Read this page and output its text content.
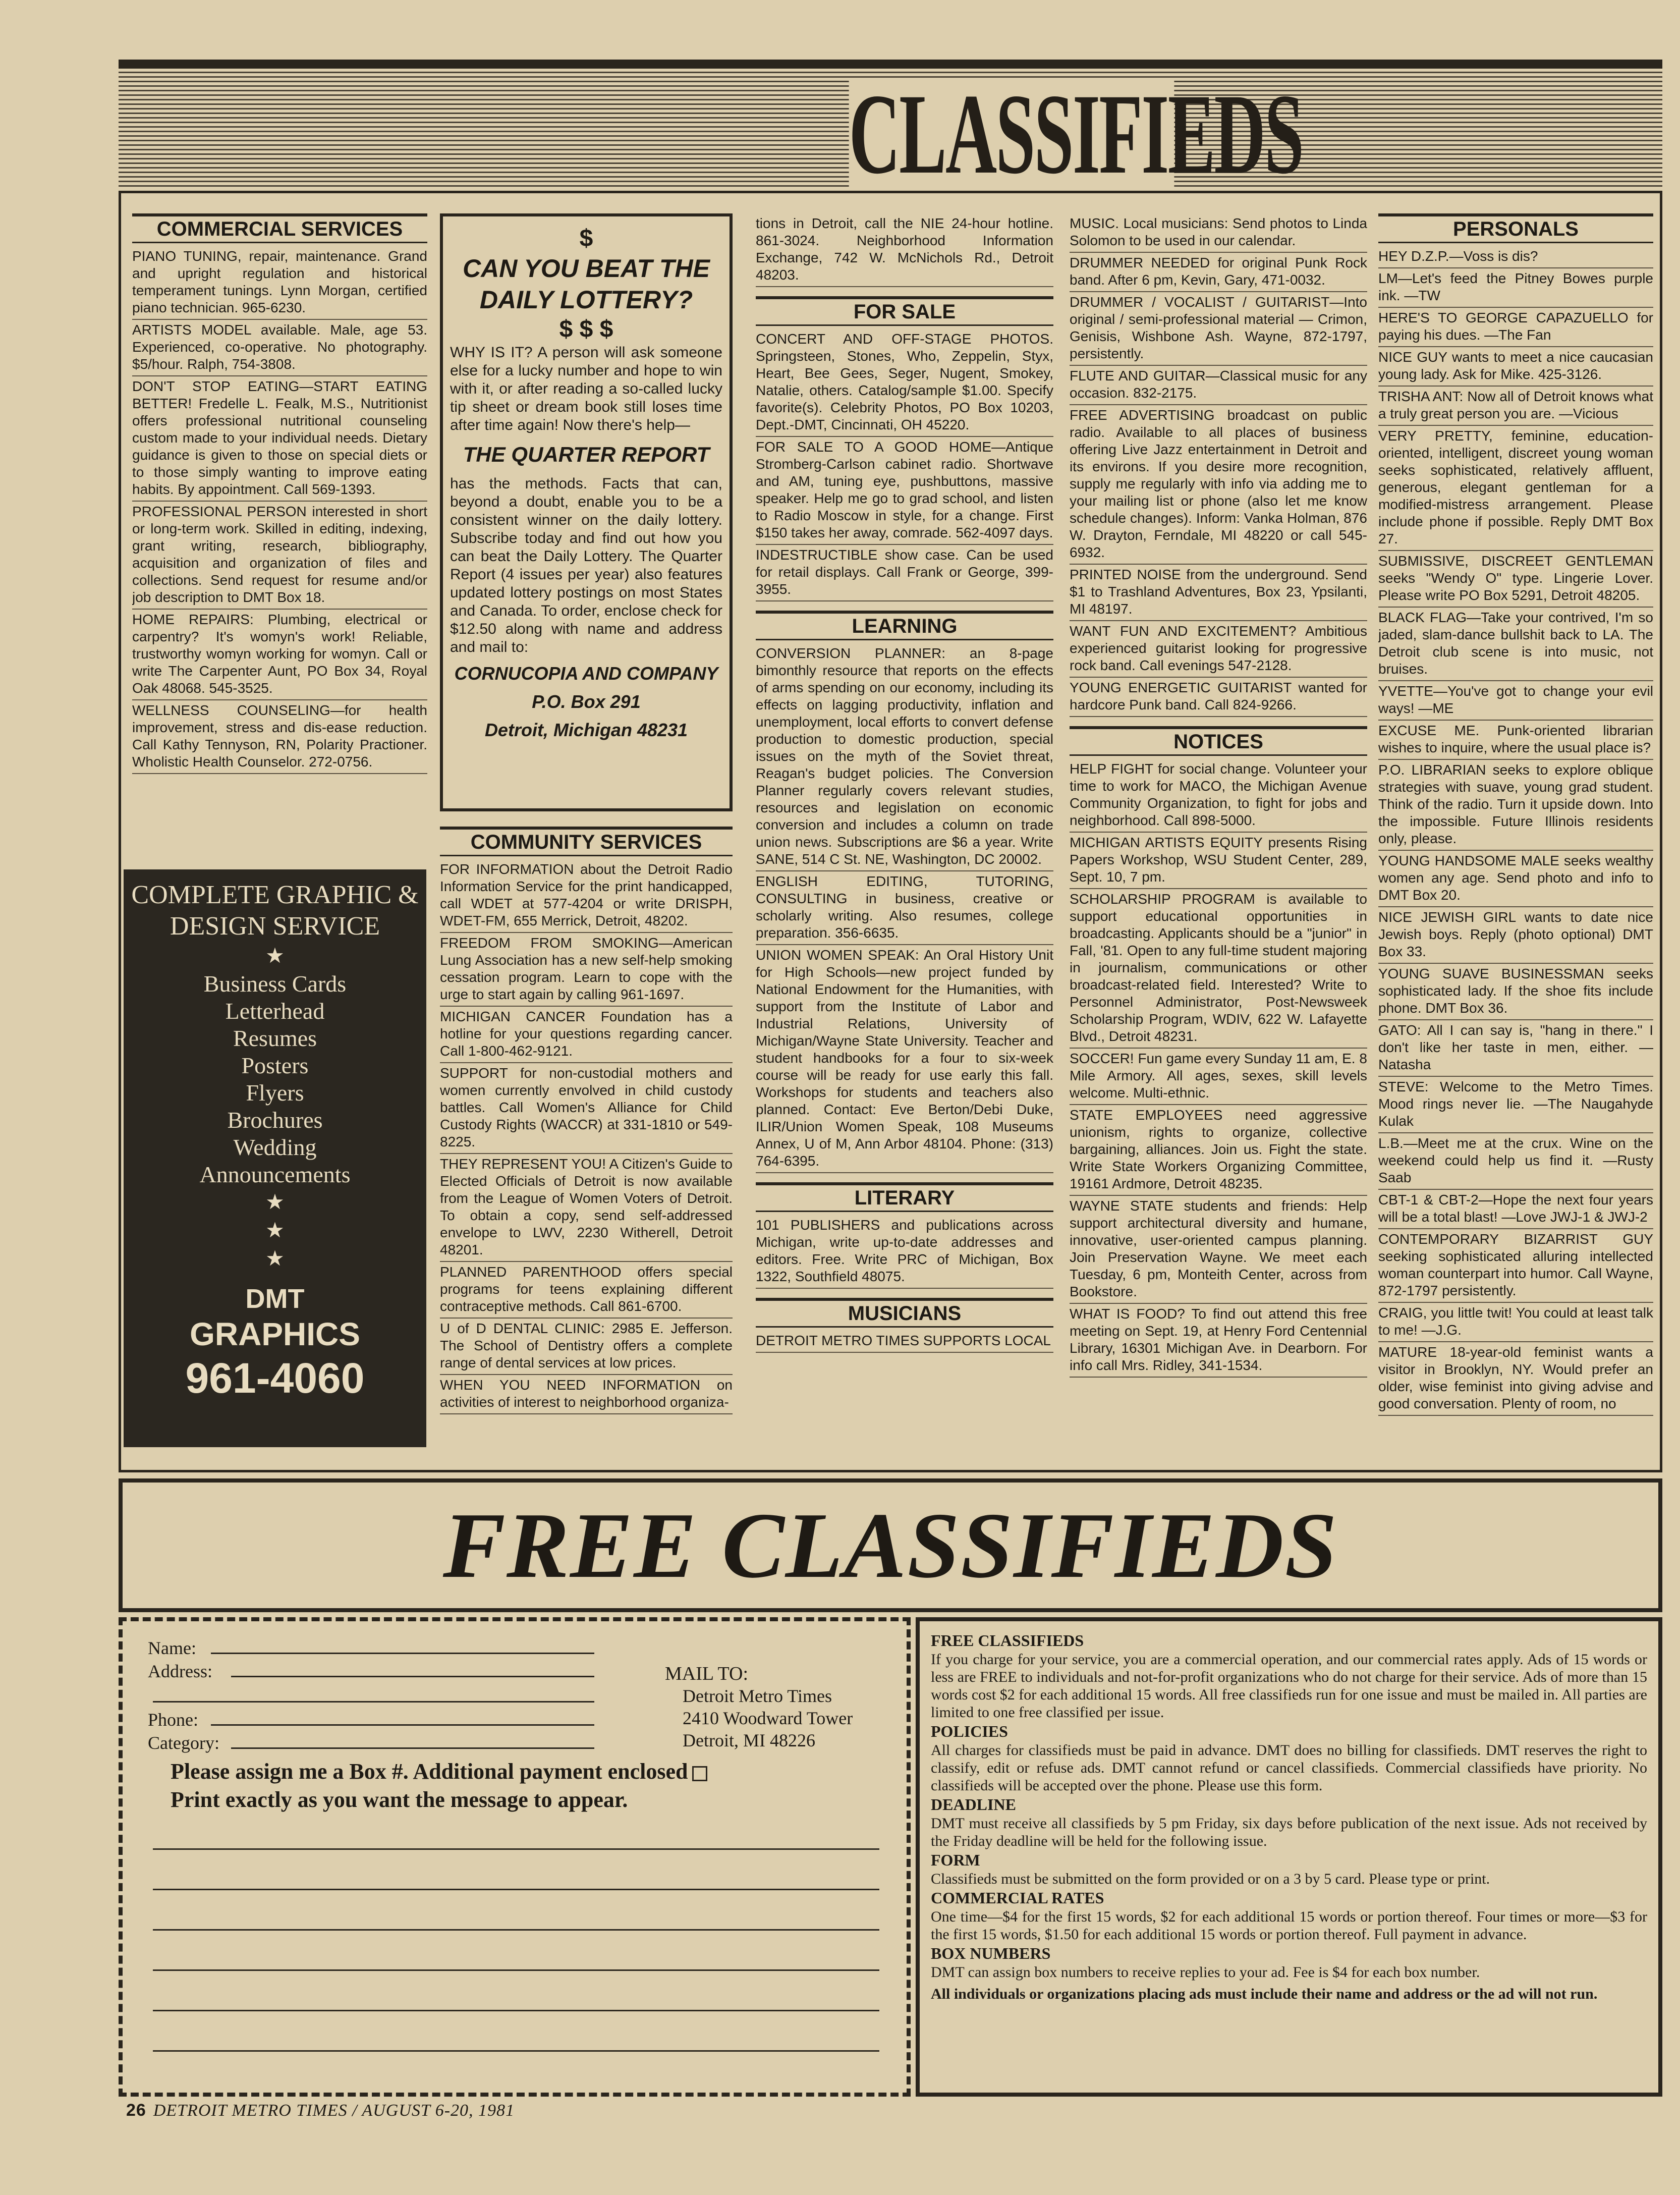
CLASSIFIEDS
COMMERCIAL SERVICES
PIANO TUNING, repair, maintenance. Grand and upright regulation and historical temperament tunings. Lynn Morgan, certified piano technician. 965-6230.
ARTISTS MODEL available. Male, age 53. Experienced, co-operative. No photography. $5/hour. Ralph, 754-3808.
DON'T STOP EATING—START EATING BETTER! Fredelle L. Fealk, M.S., Nutritionist offers professional nutritional counseling custom made to your individual needs. Dietary guidance is given to those on special diets or to those simply wanting to improve eating habits. By appointment. Call 569-1393.
PROFESSIONAL PERSON interested in short or long-term work. Skilled in editing, indexing, grant writing, research, bibliography, acquisition and organization of files and collections. Send request for resume and/or job description to DMT Box 18.
HOME REPAIRS: Plumbing, electrical or carpentry? It's womyn's work! Reliable, trustworthy womyn working for womyn. Call or write The Carpenter Aunt, PO Box 34, Royal Oak 48068. 545-3525.
WELLNESS COUNSELING—for health improvement, stress and dis-ease reduction. Call Kathy Tennyson, RN, Polarity Practioner. Wholistic Health Counselor. 272-0756.
COMPLETE GRAPHIC & DESIGN SERVICE
★
Business Cards
Letterhead
Resumes
Posters
Flyers
Brochures
Wedding
Announcements
★
★
★
DMT
GRAPHICS
961-4060
$
CAN YOU BEAT THE DAILY LOTTERY?
$ $ $
WHY IS IT? A person will ask someone else for a lucky number and hope to win with it, or after reading a so-called lucky tip sheet or dream book still loses time after time again! Now there's help—
THE QUARTER REPORT
has the methods. Facts that can, beyond a doubt, enable you to be a consistent winner on the daily lottery. Subscribe today and find out how you can beat the Daily Lottery. The Quarter Report (4 issues per year) also features updated lottery postings on most States and Canada. To order, enclose check for $12.50 along with name and address and mail to:
CORNUCOPIA AND COMPANY
P.O. Box 291
Detroit, Michigan 48231
COMMUNITY SERVICES
FOR INFORMATION about the Detroit Radio Information Service for the print handicapped, call WDET at 577-4204 or write DRISPH, WDET-FM, 655 Merrick, Detroit, 48202.
FREEDOM FROM SMOKING—American Lung Association has a new self-help smoking cessation program. Learn to cope with the urge to start again by calling 961-1697.
MICHIGAN CANCER Foundation has a hotline for your questions regarding cancer. Call 1-800-462-9121.
SUPPORT for non-custodial mothers and women currently envolved in child custody battles. Call Women's Alliance for Child Custody Rights (WACCR) at 331-1810 or 549-8225.
THEY REPRESENT YOU! A Citizen's Guide to Elected Officials of Detroit is now available from the League of Women Voters of Detroit. To obtain a copy, send self-addressed envelope to LWV, 2230 Witherell, Detroit 48201.
PLANNED PARENTHOOD offers special programs for teens explaining different contraceptive methods. Call 861-6700.
U of D DENTAL CLINIC: 2985 E. Jefferson. The School of Dentistry offers a complete range of dental services at low prices.
WHEN YOU NEED INFORMATION on activities of interest to neighborhood organiza-
tions in Detroit, call the NIE 24-hour hotline. 861-3024. Neighborhood Information Exchange, 742 W. McNichols Rd., Detroit 48203.
FOR SALE
CONCERT AND OFF-STAGE PHOTOS. Springsteen, Stones, Who, Zeppelin, Styx, Heart, Bee Gees, Seger, Nugent, Smokey, Natalie, others. Catalog/sample $1.00. Specify favorite(s). Celebrity Photos, PO Box 10203, Dept.-DMT, Cincinnati, OH 45220.
FOR SALE TO A GOOD HOME—Antique Stromberg-Carlson cabinet radio. Shortwave and AM, tuning eye, pushbuttons, massive speaker. Help me go to grad school, and listen to Radio Moscow in style, for a change. First $150 takes her away, comrade. 562-4097 days.
INDESTRUCTIBLE show case. Can be used for retail displays. Call Frank or George, 399-3955.
LEARNING
CONVERSION PLANNER: an 8-page bimonthly resource that reports on the effects of arms spending on our economy, including its effects on lagging productivity, inflation and unemployment, local efforts to convert defense production to domestic production, special issues on the myth of the Soviet threat, Reagan's budget policies. The Conversion Planner regularly covers relevant studies, resources and legislation on economic conversion and includes a column on trade union news. Subscriptions are $6 a year. Write SANE, 514 C St. NE, Washington, DC 20002.
ENGLISH EDITING, TUTORING, CONSULTING in business, creative or scholarly writing. Also resumes, college preparation. 356-6635.
UNION WOMEN SPEAK: An Oral History Unit for High Schools—new project funded by National Endowment for the Humanities, with support from the Institute of Labor and Industrial Relations, University of Michigan/Wayne State University. Teacher and student handbooks for a four to six-week course will be ready for use early this fall. Workshops for students and teachers also planned. Contact: Eve Berton/Debi Duke, ILIR/Union Women Speak, 108 Museums Annex, U of M, Ann Arbor 48104. Phone: (313) 764-6395.
LITERARY
101 PUBLISHERS and publications across Michigan, write up-to-date addresses and editors. Free. Write PRC of Michigan, Box 1322, Southfield 48075.
MUSICIANS
DETROIT METRO TIMES SUPPORTS LOCAL
MUSIC. Local musicians: Send photos to Linda Solomon to be used in our calendar.
DRUMMER NEEDED for original Punk Rock band. After 6 pm, Kevin, Gary, 471-0032.
DRUMMER / VOCALIST / GUITARIST—Into original / semi-professional material — Crimon, Genisis, Wishbone Ash. Wayne, 872-1797, persistently.
FLUTE AND GUITAR—Classical music for any occasion. 832-2175.
FREE ADVERTISING broadcast on public radio. Available to all places of business offering Live Jazz entertainment in Detroit and its environs. If you desire more recognition, supply me regularly with info via adding me to your mailing list or phone (also let me know schedule changes). Inform: Vanka Holman, 876 W. Drayton, Ferndale, MI 48220 or call 545-6932.
PRINTED NOISE from the underground. Send $1 to Trashland Adventures, Box 23, Ypsilanti, MI 48197.
WANT FUN AND EXCITEMENT? Ambitious experienced guitarist looking for progressive rock band. Call evenings 547-2128.
YOUNG ENERGETIC GUITARIST wanted for hardcore Punk band. Call 824-9266.
NOTICES
HELP FIGHT for social change. Volunteer your time to work for MACO, the Michigan Avenue Community Organization, to fight for jobs and neighborhood. Call 898-5000.
MICHIGAN ARTISTS EQUITY presents Rising Papers Workshop, WSU Student Center, 289, Sept. 10, 7 pm.
SCHOLARSHIP PROGRAM is available to support educational opportunities in broadcasting. Applicants should be a "junior" in Fall, '81. Open to any full-time student majoring in journalism, communications or other broadcast-related field. Interested? Write to Personnel Administrator, Post-Newsweek Scholarship Program, WDIV, 622 W. Lafayette Blvd., Detroit 48231.
SOCCER! Fun game every Sunday 11 am, E. 8 Mile Armory. All ages, sexes, skill levels welcome. Multi-ethnic.
STATE EMPLOYEES need aggressive unionism, rights to organize, collective bargaining, alliances. Join us. Fight the state. Write State Workers Organizing Committee, 19161 Ardmore, Detroit 48235.
WAYNE STATE students and friends: Help support architectural diversity and humane, innovative, user-oriented campus planning. Join Preservation Wayne. We meet each Tuesday, 6 pm, Monteith Center, across from Bookstore.
WHAT IS FOOD? To find out attend this free meeting on Sept. 19, at Henry Ford Centennial Library, 16301 Michigan Ave. in Dearborn. For info call Mrs. Ridley, 341-1534.
PERSONALS
HEY D.Z.P.—Voss is dis?
LM—Let's feed the Pitney Bowes purple ink. —TW
HERE'S TO GEORGE CAPAZUELLO for paying his dues. —The Fan
NICE GUY wants to meet a nice caucasian young lady. Ask for Mike. 425-3126.
TRISHA ANT: Now all of Detroit knows what a truly great person you are. —Vicious
VERY PRETTY, feminine, education-oriented, intelligent, discreet young woman seeks sophisticated, relatively affluent, generous, elegant gentleman for a modified-mistress arrangement. Please include phone if possible. Reply DMT Box 27.
SUBMISSIVE, DISCREET GENTLEMAN seeks "Wendy O" type. Lingerie Lover. Please write PO Box 5291, Detroit 48205.
BLACK FLAG—Take your contrived, I'm so jaded, slam-dance bullshit back to LA. The Detroit club scene is into music, not bruises.
YVETTE—You've got to change your evil ways! —ME
EXCUSE ME. Punk-oriented librarian wishes to inquire, where the usual place is?
P.O. LIBRARIAN seeks to explore oblique strategies with suave, young grad student. Think of the radio. Turn it upside down. Into the impossible. Future Illinois residents only, please.
YOUNG HANDSOME MALE seeks wealthy women any age. Send photo and info to DMT Box 20.
NICE JEWISH GIRL wants to date nice Jewish boys. Reply (photo optional) DMT Box 33.
YOUNG SUAVE BUSINESSMAN seeks sophisticated lady. If the shoe fits include phone. DMT Box 36.
GATO: All I can say is, "hang in there." I don't like her taste in men, either. —Natasha
STEVE: Welcome to the Metro Times. Mood rings never lie. —The Naugahyde Kulak
L.B.—Meet me at the crux. Wine on the weekend could help us find it. —Rusty Saab
CBT-1 & CBT-2—Hope the next four years will be a total blast! —Love JWJ-1 & JWJ-2
CONTEMPORARY BIZARRIST GUY seeking sophisticated alluring intellected woman counterpart into humor. Call Wayne, 872-1797 persistently.
CRAIG, you little twit! You could at least talk to me! —J.G.
MATURE 18-year-old feminist wants a visitor in Brooklyn, NY. Would prefer an older, wise feminist into giving advise and good conversation. Plenty of room, no
FREE CLASSIFIEDS
Name:
Address:
Phone:
Category:
MAIL TO:
Detroit Metro Times
2410 Woodward Tower
Detroit, MI 48226
Please assign me a Box #. Additional payment enclosed
Print exactly as you want the message to appear.
FREE CLASSIFIEDS
If you charge for your service, you are a commercial operation, and our commercial rates apply. Ads of 15 words or less are FREE to individuals and not-for-profit organizations who do not charge for their service. Ads of more than 15 words cost $2 for each additional 15 words. All free classifieds run for one issue and must be mailed in. All parties are limited to one free classified per issue.
POLICIES
All charges for classifieds must be paid in advance. DMT does no billing for classifieds. DMT reserves the right to classify, edit or refuse ads. DMT cannot refund or cancel classifieds. Commercial classifieds have priority. No classifieds will be accepted over the phone. Please use this form.
DEADLINE
DMT must receive all classifieds by 5 pm Friday, six days before publication of the next issue. Ads not received by the Friday deadline will be held for the following issue.
FORM
Classifieds must be submitted on the form provided or on a 3 by 5 card. Please type or print.
COMMERCIAL RATES
One time—$4 for the first 15 words, $2 for each additional 15 words or portion thereof. Four times or more—$3 for the first 15 words, $1.50 for each additional 15 words or portion thereof. Full payment in advance.
BOX NUMBERS
DMT can assign box numbers to receive replies to your ad. Fee is $4 for each box number.
All individuals or organizations placing ads must include their name and address or the ad will not run.
26 DETROIT METRO TIMES / AUGUST 6-20, 1981
